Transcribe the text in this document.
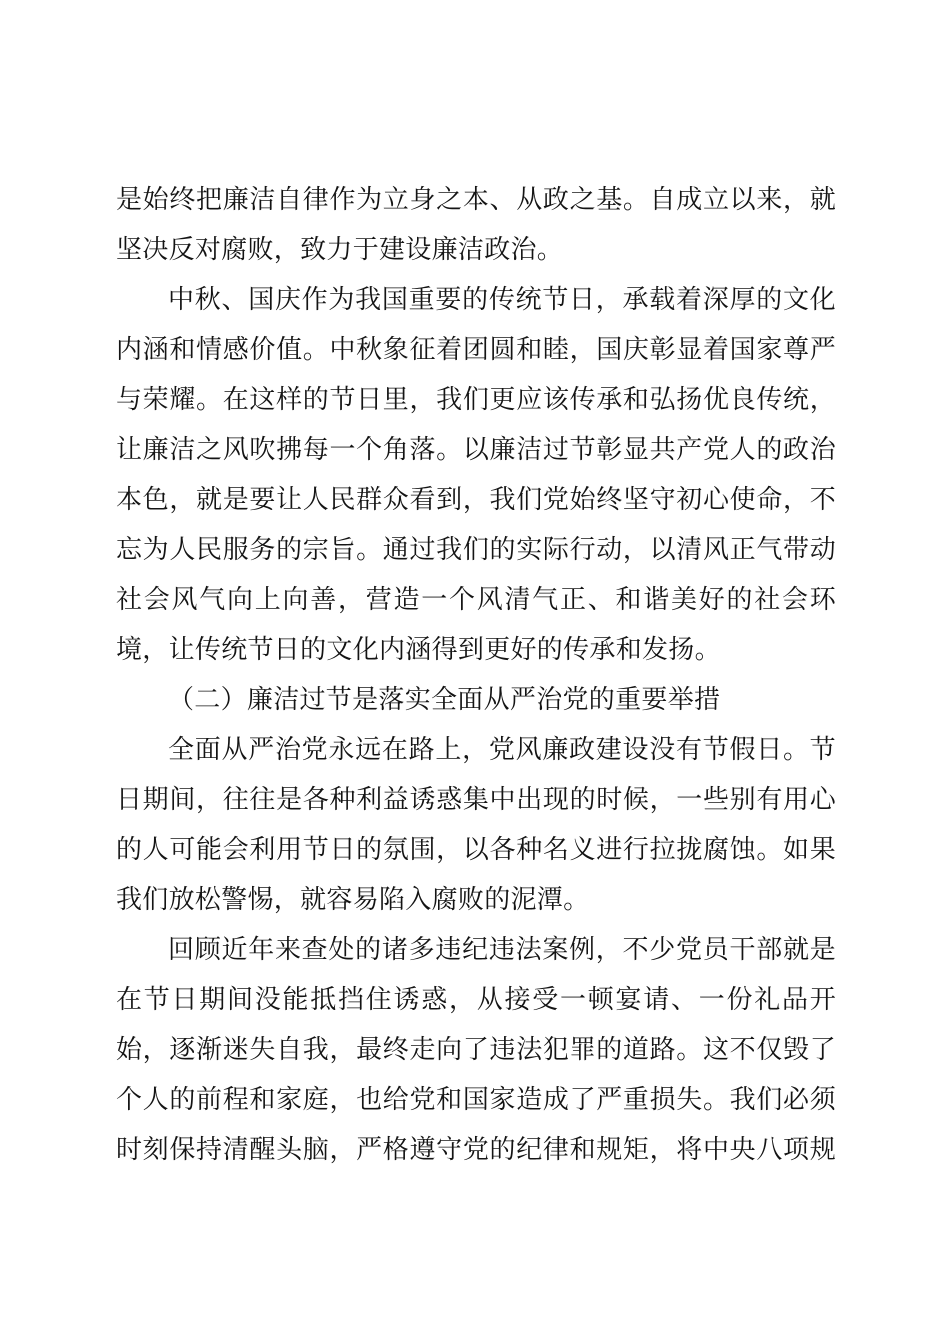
是始终把廉洁自律作为立身之本、从政之基。自成立以来，就
坚决反对腐败，致力于建设廉洁政治。
中秋、国庆作为我国重要的传统节日，承载着深厚的文化
内涵和情感价值。中秋象征着团圆和睦，国庆彰显着国家尊严
与荣耀。在这样的节日里，我们更应该传承和弘扬优良传统，
让廉洁之风吹拂每一个角落。以廉洁过节彰显共产党人的政治
本色，就是要让人民群众看到，我们党始终坚守初心使命，不
忘为人民服务的宗旨。通过我们的实际行动，以清风正气带动
社会风气向上向善，营造一个风清气正、和谐美好的社会环
境，让传统节日的文化内涵得到更好的传承和发扬。
（二）廉洁过节是落实全面从严治党的重要举措
全面从严治党永远在路上，党风廉政建设没有节假日。节
日期间，往往是各种利益诱惑集中出现的时候，一些别有用心
的人可能会利用节日的氛围，以各种名义进行拉拢腐蚀。如果
我们放松警惕，就容易陷入腐败的泥潭。
回顾近年来查处的诸多违纪违法案例，不少党员干部就是
在节日期间没能抵挡住诱惑，从接受一顿宴请、一份礼品开
始，逐渐迷失自我，最终走向了违法犯罪的道路。这不仅毁了
个人的前程和家庭，也给党和国家造成了严重损失。我们必须
时刻保持清醒头脑，严格遵守党的纪律和规矩，将中央八项规
